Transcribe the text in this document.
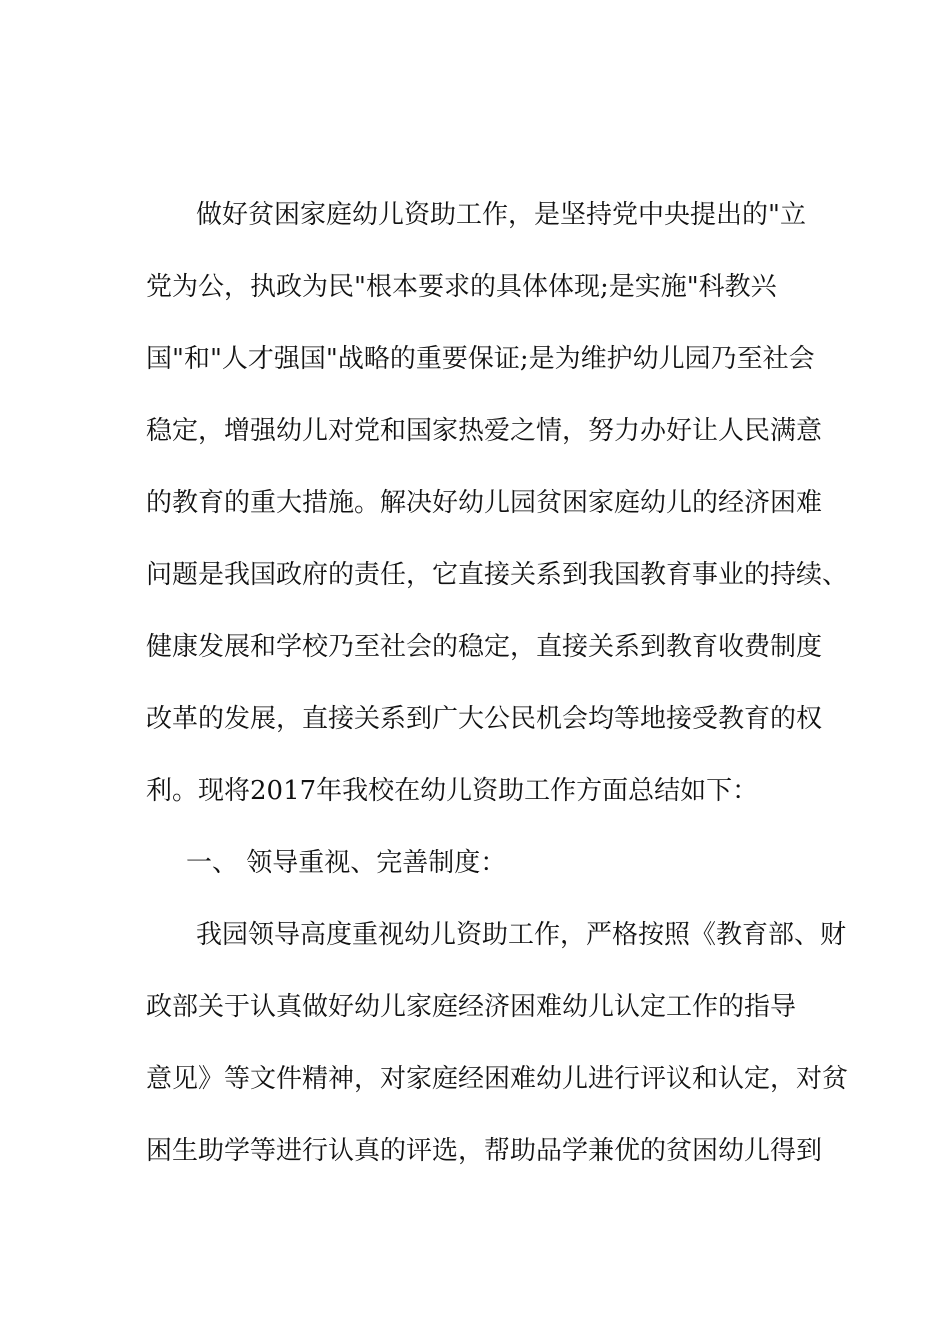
做好贫困家庭幼儿资助工作，是坚持党中央提出的"立
党为公，执政为民"根本要求的具体体现;是实施"科教兴
国"和"人才强国"战略的重要保证;是为维护幼儿园乃至社会
稳定，增强幼儿对党和国家热爱之情，努力办好让人民满意
的教育的重大措施。解决好幼儿园贫困家庭幼儿的经济困难
问题是我国政府的责任，它直接关系到我国教育事业的持续、
健康发展和学校乃至社会的稳定，直接关系到教育收费制度
改革的发展，直接关系到广大公民机会均等地接受教育的权
利。现将2017年我校在幼儿资助工作方面总结如下：
一、 领导重视、完善制度：
我园领导高度重视幼儿资助工作，严格按照《教育部、财
政部关于认真做好幼儿家庭经济困难幼儿认定工作的指导
意见》等文件精神，对家庭经困难幼儿进行评议和认定，对贫
困生助学等进行认真的评选，帮助品学兼优的贫困幼儿得到
